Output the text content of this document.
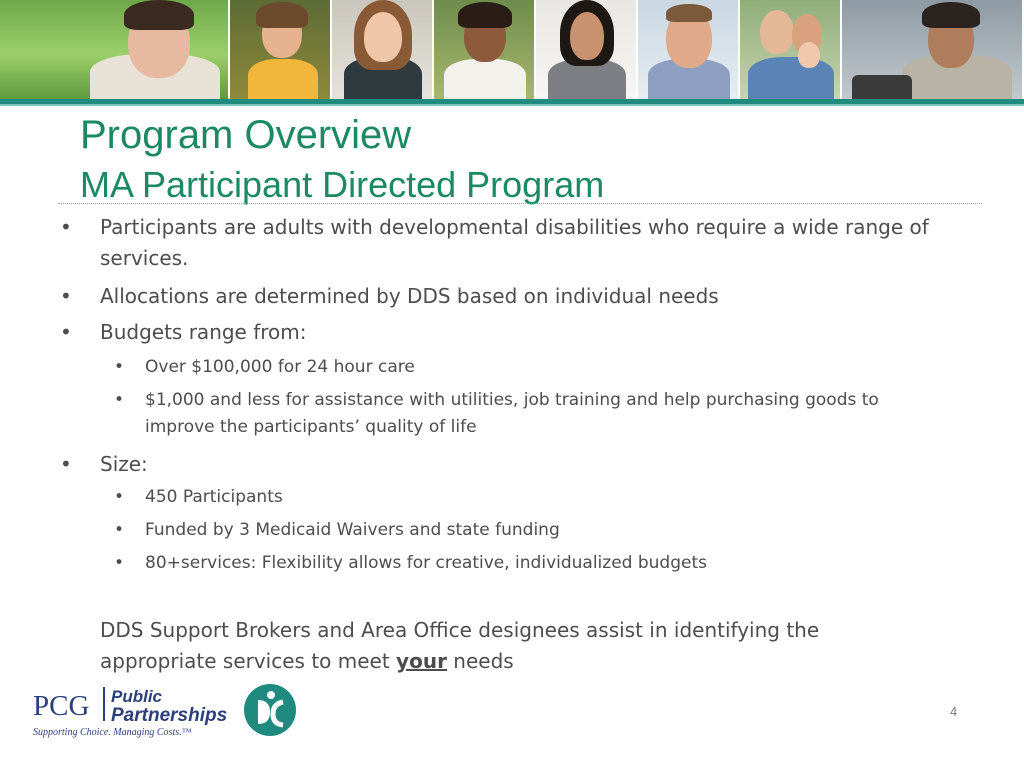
Program Overview
MA Participant Directed Program
• Participants are adults with developmental disabilities who require a wide range of services.
• Allocations are determined by DDS based on individual needs
• Budgets range from:
• Over $100,000 for 24 hour care
• $1,000 and less for assistance with utilities, job training and help purchasing goods to improve the participants’ quality of life
• Size:
• 450 Participants
• Funded by 3 Medicaid Waivers and state funding
• 80+services: Flexibility allows for creative, individualized budgets
DDS Support Brokers and Area Office designees assist in identifying the appropriate services to meet your needs
PCG Public
Partnerships
Supporting Choice. Managing Costs.™
4
